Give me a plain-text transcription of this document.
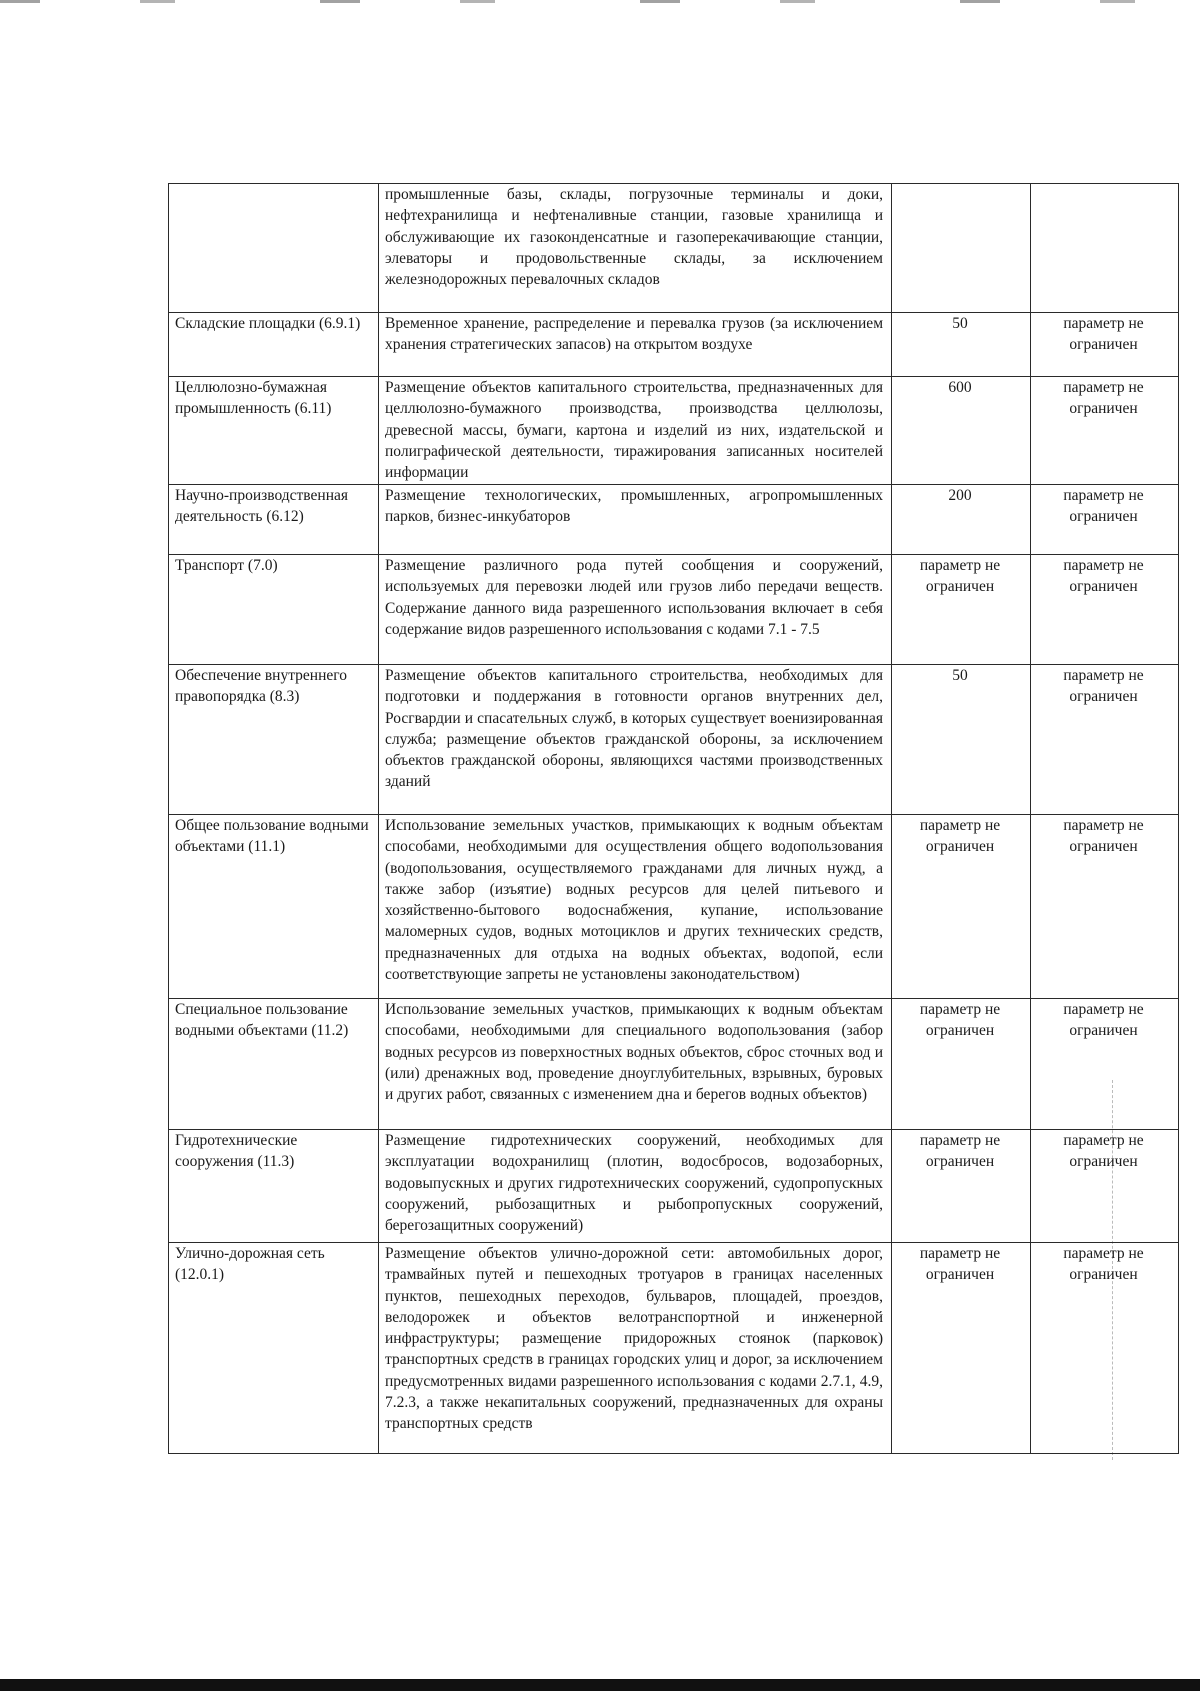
	промышленные базы, склады, погрузочные терминалы и доки, нефтехранилища и нефтеналивные станции, газовые хранилища и обслуживающие их газоконденсатные и газоперекачивающие станции, элеваторы и продовольственные склады, за исключением железнодорожных перевалочных складов		
Складские площадки (6.9.1)	Временное хранение, распределение и перевалка грузов (за исключением хранения стратегических запасов) на открытом воздухе	50	параметр не ограничен
Целлюлозно-бумажная промышленность (6.11)	Размещение объектов капитального строительства, предназначенных для целлюлозно-бумажного производства, производства целлюлозы, древесной массы, бумаги, картона и изделий из них, издательской и полиграфической деятельности, тиражирования записанных носителей информации	600	параметр не ограничен
Научно-производственная деятельность (6.12)	Размещение технологических, промышленных, агропромышленных парков, бизнес-инкубаторов	200	параметр не ограничен
Транспорт (7.0)	Размещение различного рода путей сообщения и сооружений, используемых для перевозки людей или грузов либо передачи веществ. Содержание данного вида разрешенного использования включает в себя содержание видов разрешенного использования с кодами 7.1 - 7.5	параметр не ограничен	параметр не ограничен
Обеспечение внутреннего правопорядка (8.3)	Размещение объектов капитального строительства, необходимых для подготовки и поддержания в готовности органов внутренних дел, Росгвардии и спасательных служб, в которых существует военизированная служба; размещение объектов гражданской обороны, за исключением объектов гражданской обороны, являющихся частями производственных зданий	50	параметр не ограничен
Общее пользование водными объектами (11.1)	Использование земельных участков, примыкающих к водным объектам способами, необходимыми для осуществления общего водопользования (водопользования, осуществляемого гражданами для личных нужд, а также забор (изъятие) водных ресурсов для целей питьевого и хозяйственно-бытового водоснабжения, купание, использование маломерных судов, водных мотоциклов и других технических средств, предназначенных для отдыха на водных объектах, водопой, если соответствующие запреты не установлены законодательством)	параметр не ограничен	параметр не ограничен
Специальное пользование водными объектами (11.2)	Использование земельных участков, примыкающих к водным объектам способами, необходимыми для специального водопользования (забор водных ресурсов из поверхностных водных объектов, сброс сточных вод и (или) дренажных вод, проведение дноуглубительных, взрывных, буровых и других работ, связанных с изменением дна и берегов водных объектов)	параметр не ограничен	параметр не ограничен
Гидротехнические сооружения (11.3)	Размещение гидротехнических сооружений, необходимых для эксплуатации водохранилищ (плотин, водосбросов, водозаборных, водовыпускных и других гидротехнических сооружений, судопропускных сооружений, рыбозащитных и рыбопропускных сооружений, берегозащитных сооружений)	параметр не ограничен	параметр не ограничен
Улично-дорожная сеть (12.0.1)	Размещение объектов улично-дорожной сети: автомобильных дорог, трамвайных путей и пешеходных тротуаров в границах населенных пунктов, пешеходных переходов, бульваров, площадей, проездов, велодорожек и объектов велотранспортной и инженерной инфраструктуры; размещение придорожных стоянок (парковок) транспортных средств в границах городских улиц и дорог, за исключением предусмотренных видами разрешенного использования с кодами 2.7.1, 4.9, 7.2.3, а также некапитальных сооружений, предназначенных для охраны транспортных средств	параметр не ограничен	параметр не ограничен
